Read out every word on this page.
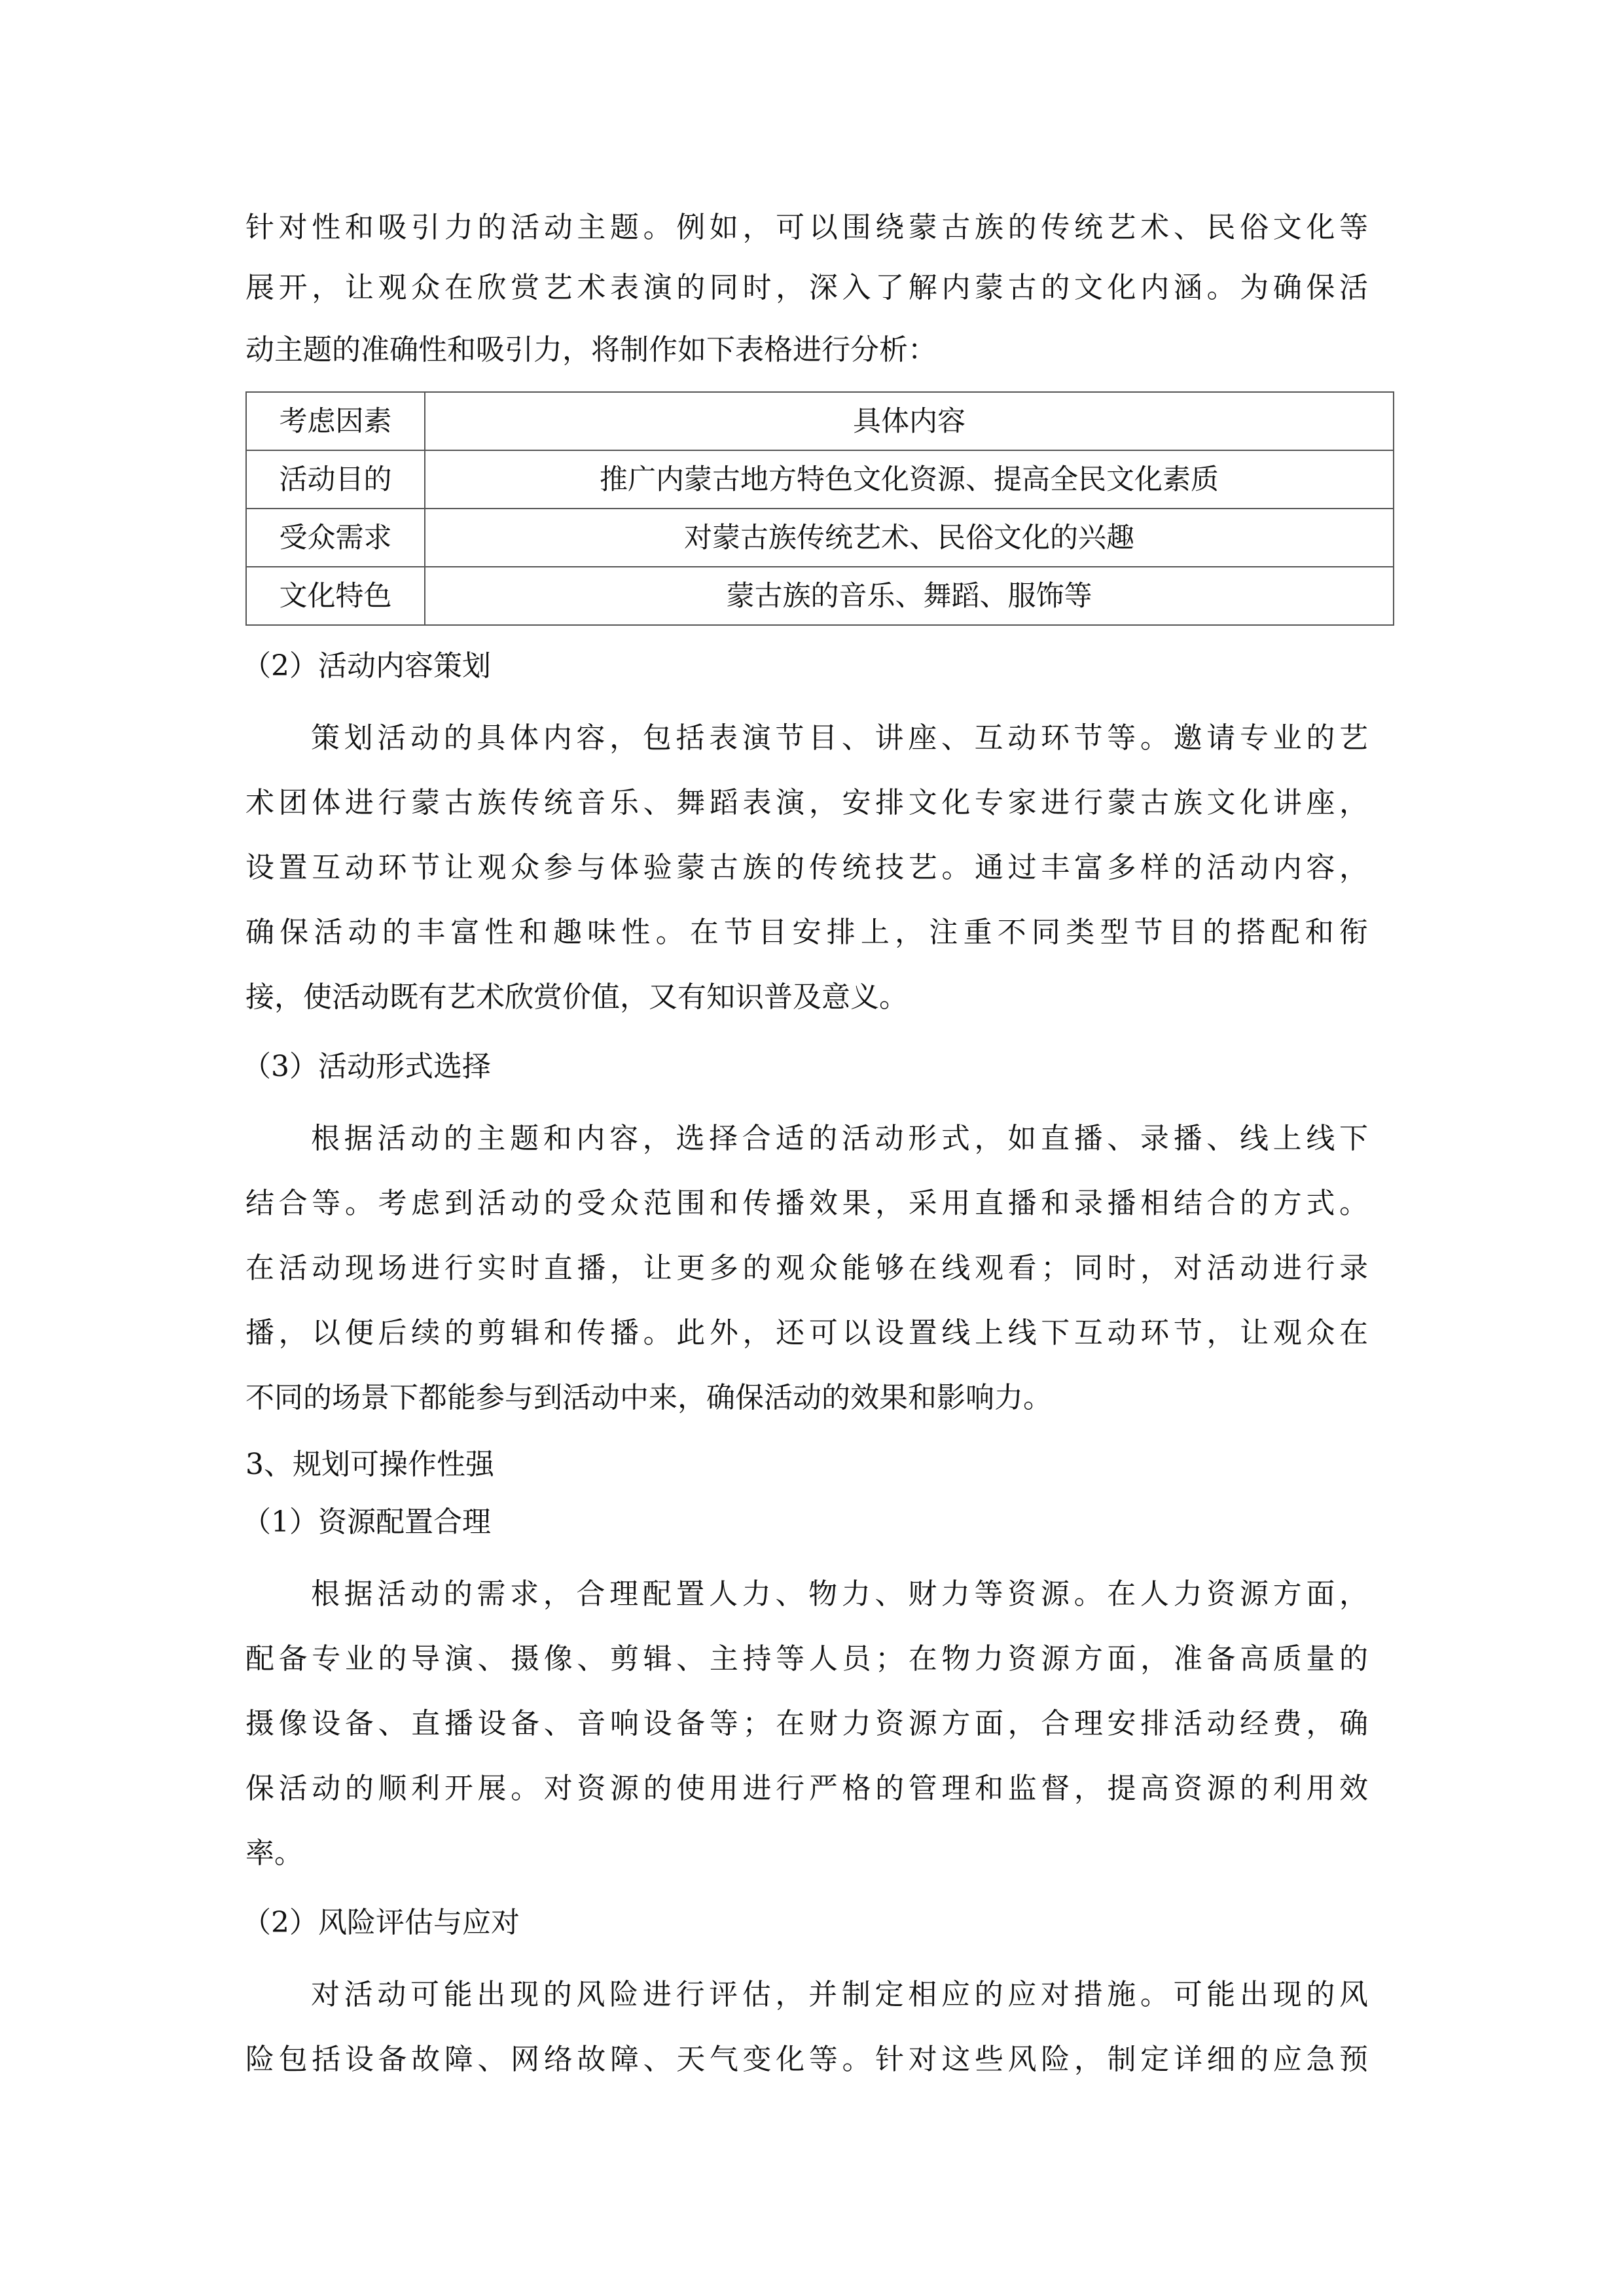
针对性和吸引力的活动主题。例如，可以围绕蒙古族的传统艺术、民俗文化等
展开，让观众在欣赏艺术表演的同时，深入了解内蒙古的文化内涵。为确保活
动主题的准确性和吸引力，将制作如下表格进行分析：
考虑因素	具体内容
活动目的	推广内蒙古地方特色文化资源、提高全民文化素质
受众需求	对蒙古族传统艺术、民俗文化的兴趣
文化特色	蒙古族的音乐、舞蹈、服饰等
（2）活动内容策划
策划活动的具体内容，包括表演节目、讲座、互动环节等。邀请专业的艺
术团体进行蒙古族传统音乐、舞蹈表演，安排文化专家进行蒙古族文化讲座，
设置互动环节让观众参与体验蒙古族的传统技艺。通过丰富多样的活动内容，
确保活动的丰富性和趣味性。在节目安排上，注重不同类型节目的搭配和衔
接，使活动既有艺术欣赏价值，又有知识普及意义。
（3）活动形式选择
根据活动的主题和内容，选择合适的活动形式，如直播、录播、线上线下
结合等。考虑到活动的受众范围和传播效果，采用直播和录播相结合的方式。
在活动现场进行实时直播，让更多的观众能够在线观看；同时，对活动进行录
播，以便后续的剪辑和传播。此外，还可以设置线上线下互动环节，让观众在
不同的场景下都能参与到活动中来，确保活动的效果和影响力。
3、规划可操作性强
（1）资源配置合理
根据活动的需求，合理配置人力、物力、财力等资源。在人力资源方面，
配备专业的导演、摄像、剪辑、主持等人员；在物力资源方面，准备高质量的
摄像设备、直播设备、音响设备等；在财力资源方面，合理安排活动经费，确
保活动的顺利开展。对资源的使用进行严格的管理和监督，提高资源的利用效
率。
（2）风险评估与应对
对活动可能出现的风险进行评估，并制定相应的应对措施。可能出现的风
险包括设备故障、网络故障、天气变化等。针对这些风险，制定详细的应急预
